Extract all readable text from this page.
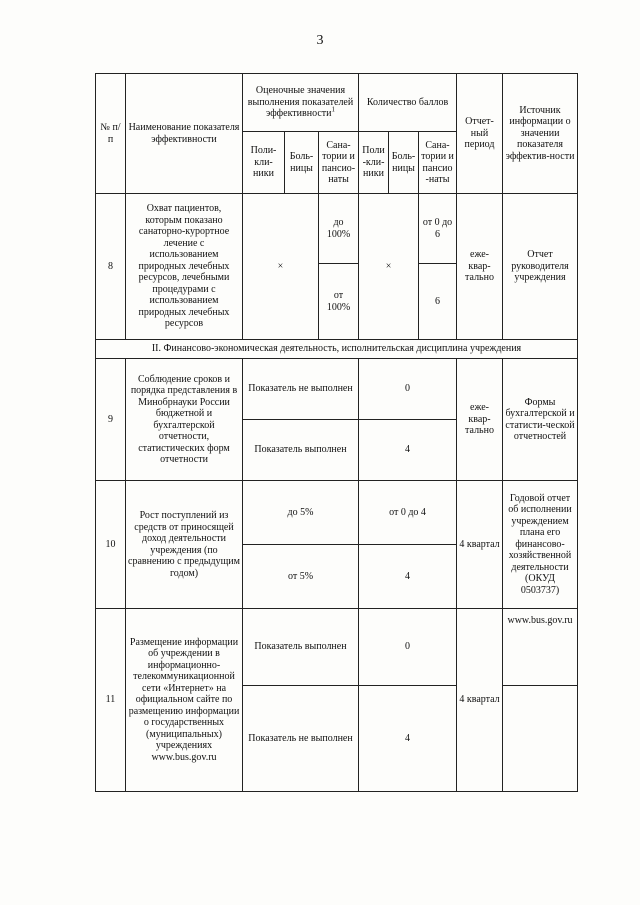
3
№ п/п	Наименование показателя эффективности	Оценочные значения выполнения показателей эффективности$^1$			Количество баллов			Отчет-ный период	Источник информации о значении показателя эффектив-ности
		Поли-кли-ники	Боль-ницы	Сана-тории и пансио-наты	Поли-кли-ники	Боль-ницы	Сана-тории и пансио-наты		
8	Охват пациентов, которым показано санаторно-курортное лечение с использованием природных лечебных ресурсов, лечебными процедурами с использованием природных лечебных ресурсов	×		до 100%	×		от 0 до 6	еже-квар-тально	Отчет руководителя учреждения
				от 100%			6		
II. Финансово-экономическая деятельность, исполнительская дисциплина учреждения									
9	Соблюдение сроков и порядка представления в Минобрнауки России бюджетной и бухгалтерской отчетности, статистических форм отчетности	Показатель не выполнен			0			еже-квар-тально	Формы бухгалтерской и статисти-ческой отчетностей
		Показатель выполнен			4				
10	Рост поступлений из средств от приносящей доход деятельности учреждения (по сравнению с предыдущим годом)	до 5%			от 0 до 4			4 квартал	Годовой отчет об исполнении учреждением плана его финансово-хозяйственной деятельности (ОКУД 0503737)
		от 5%			4				
11	Размещение информации об учреждении в информационно-телекоммуникационной сети «Интернет» на официальном сайте по размещению информации о государственных (муниципальных) учреждениях www.bus.gov.ru	Показатель выполнен			0			4 квартал	www.bus.gov.ru
		Показатель не выполнен			4				
